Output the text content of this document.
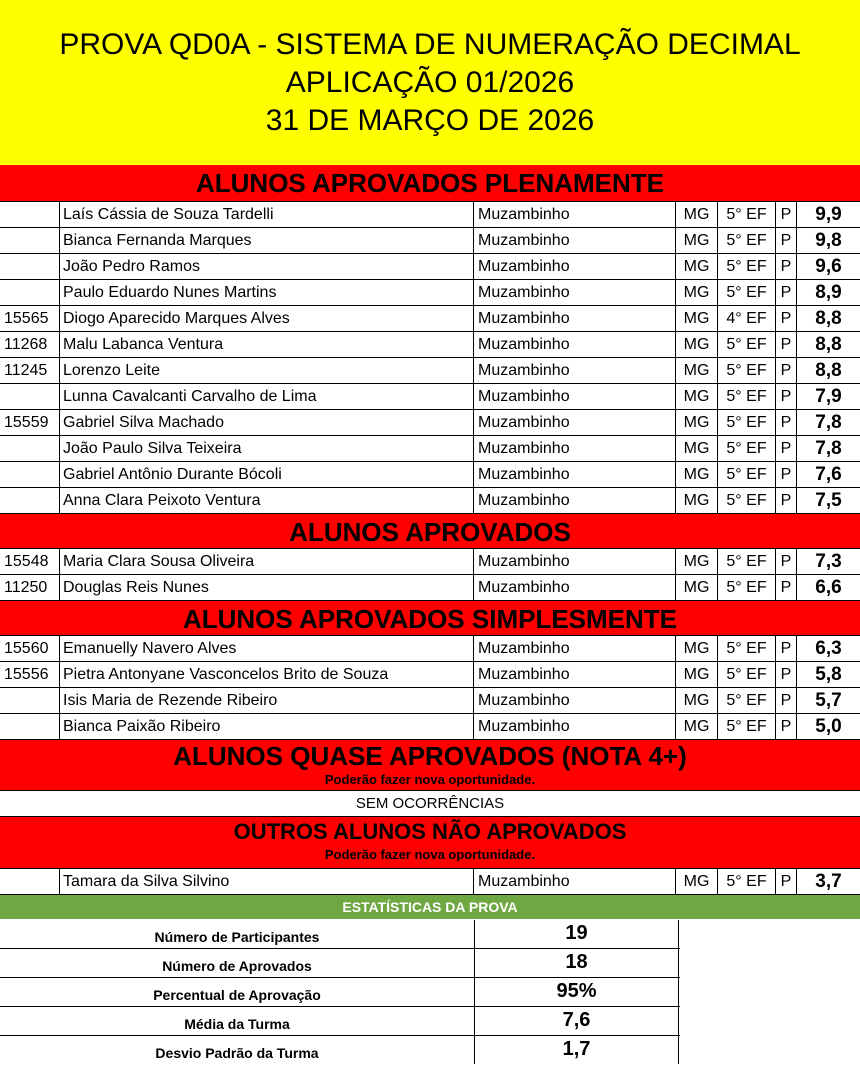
PROVA QD0A - SISTEMA DE NUMERAÇÃO DECIMAL
APLICAÇÃO 01/2026
31 DE MARÇO DE 2026
ALUNOS APROVADOS PLENAMENTE
Laís Cássia de Souza Tardelli	Muzambinho	MG	5° EF P	9,9
Bianca Fernanda Marques	Muzambinho	MG	5° EF P	9,8
João Pedro Ramos	Muzambinho	MG	5° EF P	9,6
Paulo Eduardo Nunes Martins	Muzambinho	MG	5° EF P	8,9
15565 Diogo Aparecido Marques Alves	Muzambinho	MG	4° EF P	8,8
11268 Malu Labanca Ventura	Muzambinho	MG	5° EF P	8,8
11245 Lorenzo Leite	Muzambinho	MG	5° EF P	8,8
Lunna Cavalcanti Carvalho de Lima	Muzambinho	MG	5° EF P	7,9
15559 Gabriel Silva Machado	Muzambinho	MG	5° EF P	7,8
João Paulo Silva Teixeira	Muzambinho	MG	5° EF P	7,8
Gabriel Antônio Durante Bócoli	Muzambinho	MG	5° EF P	7,6
Anna Clara Peixoto Ventura	Muzambinho	MG	5° EF P	7,5
ALUNOS APROVADOS
15548 Maria Clara Sousa Oliveira	Muzambinho	MG	5° EF P	7,3
11250 Douglas Reis Nunes	Muzambinho	MG	5° EF P	6,6
ALUNOS APROVADOS SIMPLESMENTE
15560 Emanuelly Navero Alves	Muzambinho	MG	5° EF P	6,3
15556 Pietra Antonyane Vasconcelos Brito de Souza	Muzambinho	MG	5° EF P	5,8
Isis Maria de Rezende Ribeiro	Muzambinho	MG	5° EF P	5,7
Bianca Paixão Ribeiro	Muzambinho	MG	5° EF P	5,0
ALUNOS QUASE APROVADOS (NOTA 4+)
Poderão fazer nova oportunidade.
SEM OCORRÊNCIAS
OUTROS ALUNOS NÃO APROVADOS
Poderão fazer nova oportunidade.
Tamara da Silva Silvino	Muzambinho	MG	5° EF P	3,7
ESTATÍSTICAS DA PROVA
Número de Participantes	19
Número de Aprovados	18
Percentual de Aprovação	95%
Média da Turma	7,6
Desvio Padrão da Turma	1,7
